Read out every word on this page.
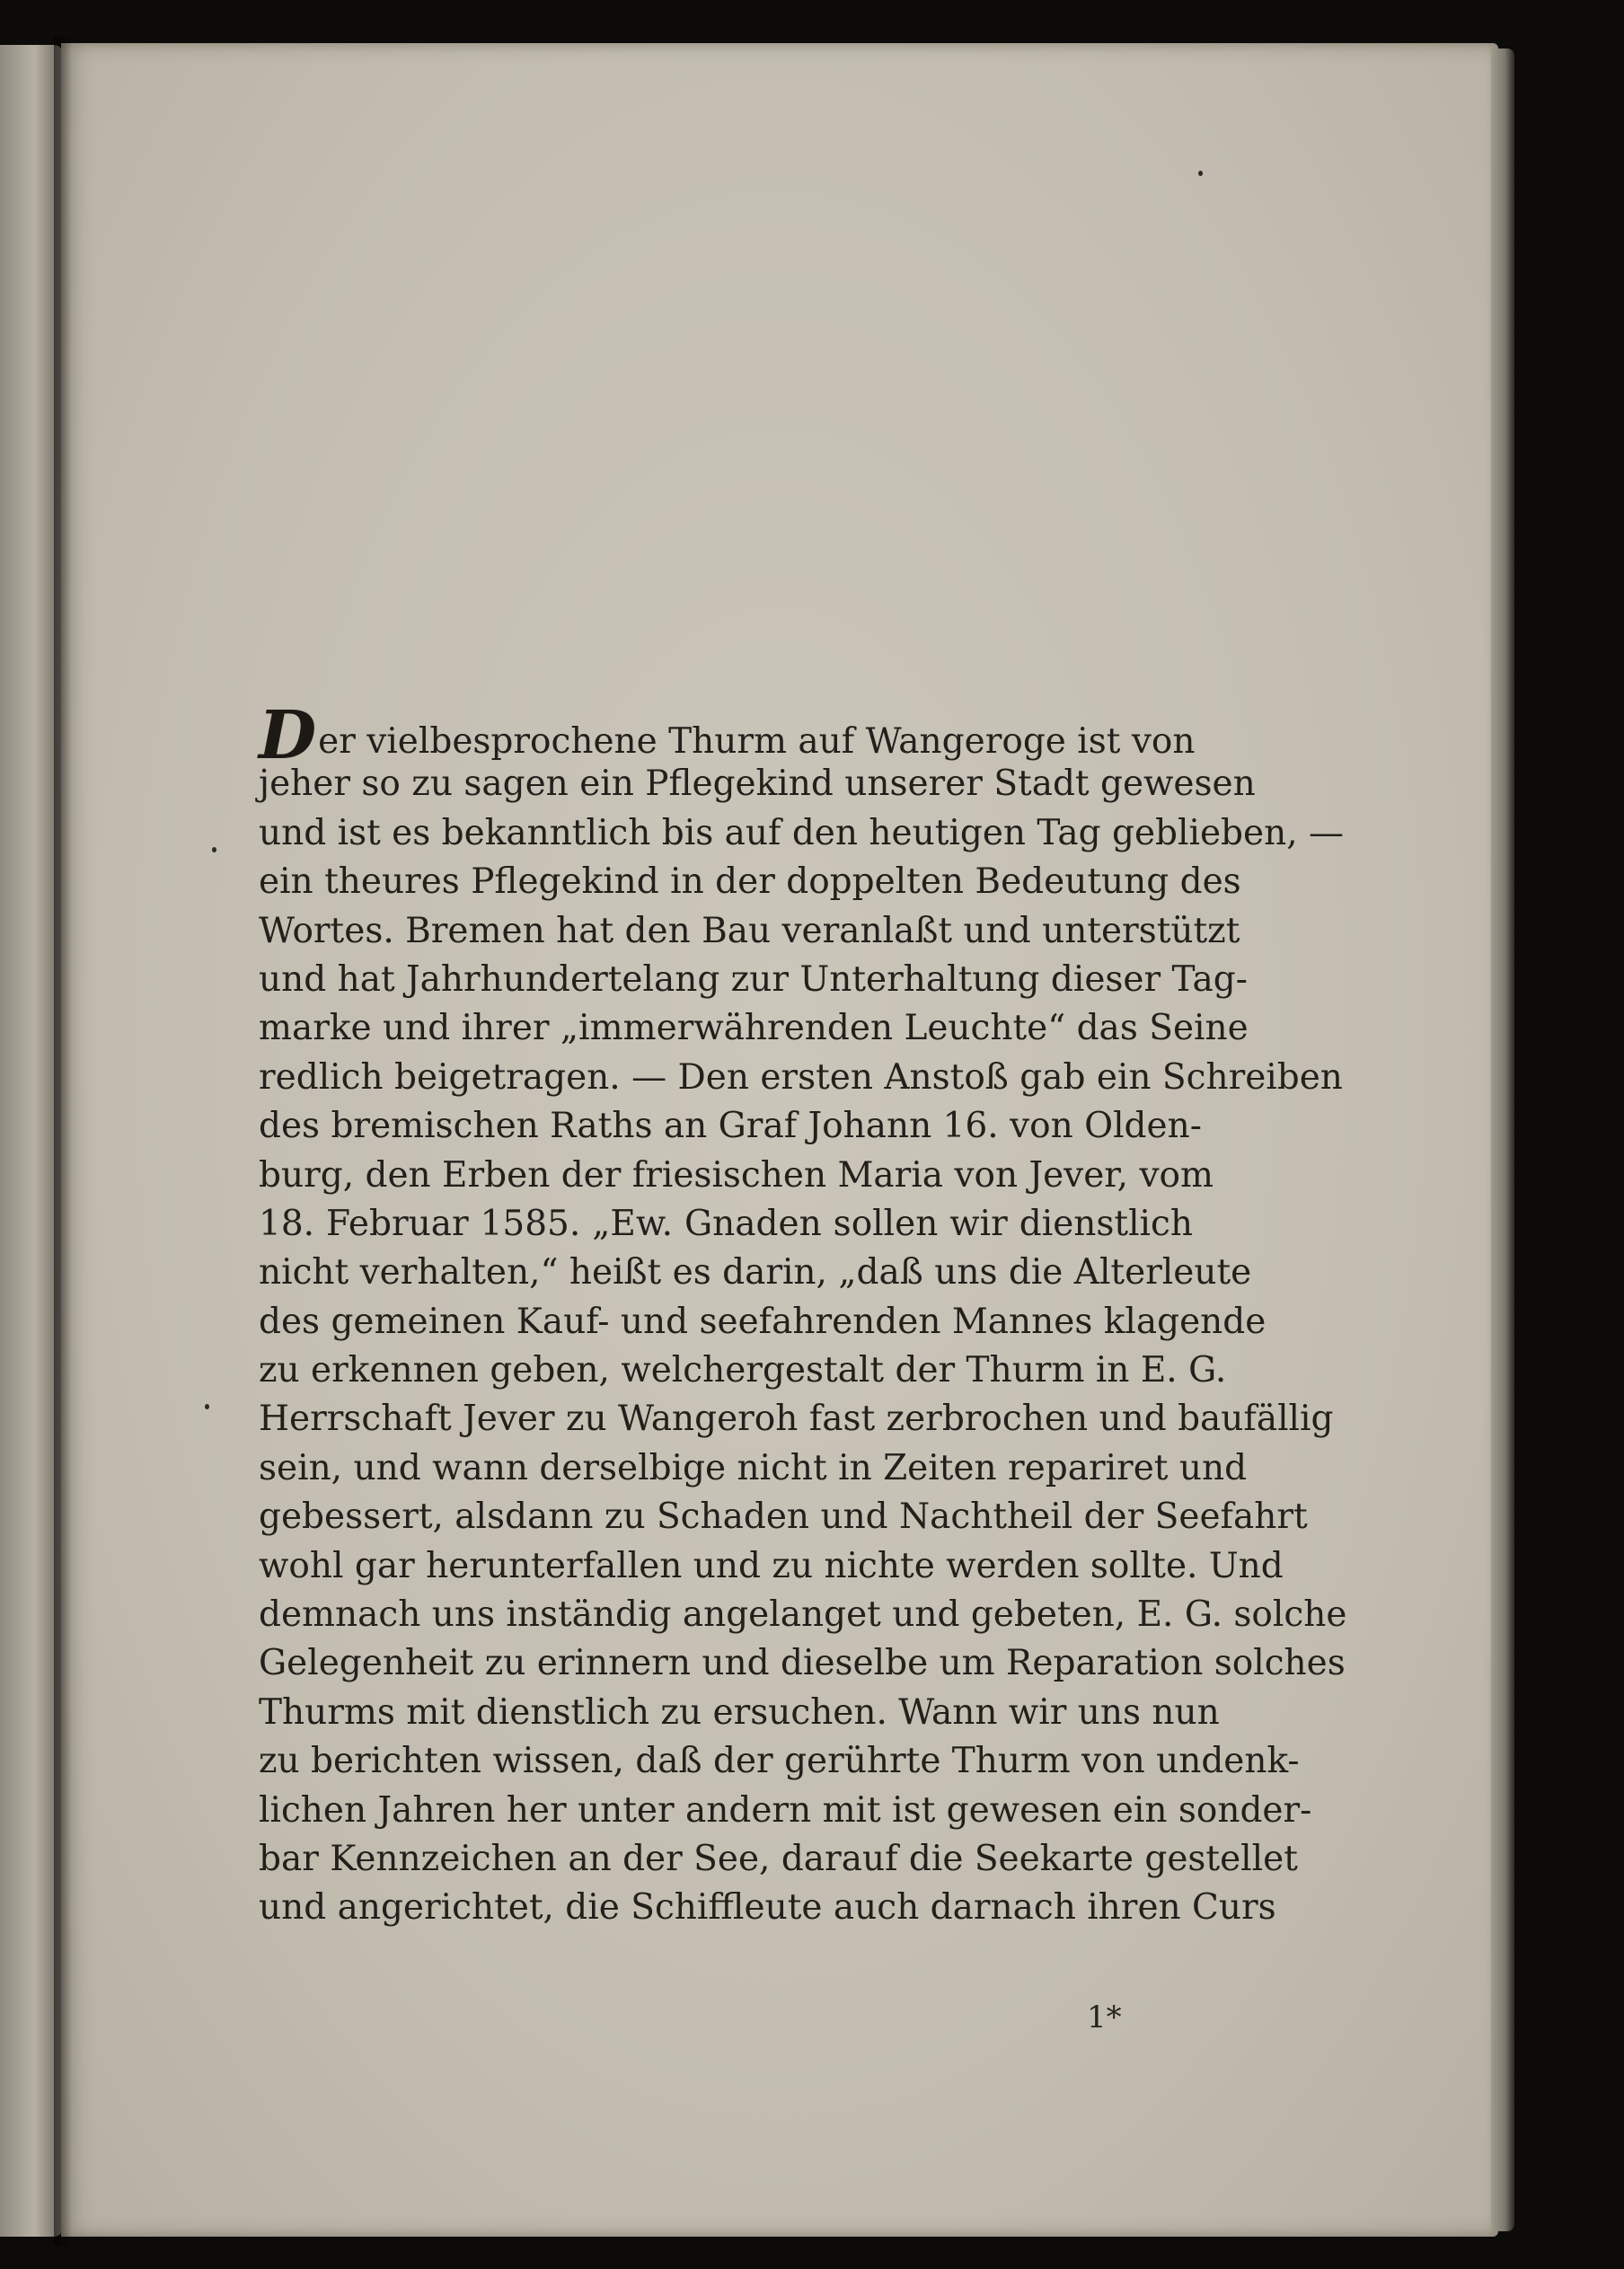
Der vielbesprochene Thurm auf Wangeroge ist von
jeher so zu sagen ein Pflegekind unserer Stadt gewesen
und ist es bekanntlich bis auf den heutigen Tag geblieben, —
ein theures Pflegekind in der doppelten Bedeutung des
Wortes. Bremen hat den Bau veranlaßt und unterstützt
und hat Jahrhundertelang zur Unterhaltung dieser Tag-
marke und ihrer „immerwährenden Leuchte“ das Seine
redlich beigetragen. — Den ersten Anstoß gab ein Schreiben
des bremischen Raths an Graf Johann 16. von Olden-
burg, den Erben der friesischen Maria von Jever, vom
18. Februar 1585. „Ew. Gnaden sollen wir dienstlich
nicht verhalten,“ heißt es darin, „daß uns die Alterleute
des gemeinen Kauf- und seefahrenden Mannes klagende
zu erkennen geben, welchergestalt der Thurm in E. G.
Herrschaft Jever zu Wangeroh fast zerbrochen und baufällig
sein, und wann derselbige nicht in Zeiten repariret und
gebessert, alsdann zu Schaden und Nachtheil der Seefahrt
wohl gar herunterfallen und zu nichte werden sollte. Und
demnach uns inständig angelanget und gebeten, E. G. solche
Gelegenheit zu erinnern und dieselbe um Reparation solches
Thurms mit dienstlich zu ersuchen. Wann wir uns nun
zu berichten wissen, daß der gerührte Thurm von undenk-
lichen Jahren her unter andern mit ist gewesen ein sonder-
bar Kennzeichen an der See, darauf die Seekarte gestellet
und angerichtet, die Schiffleute auch darnach ihren Curs
1*
